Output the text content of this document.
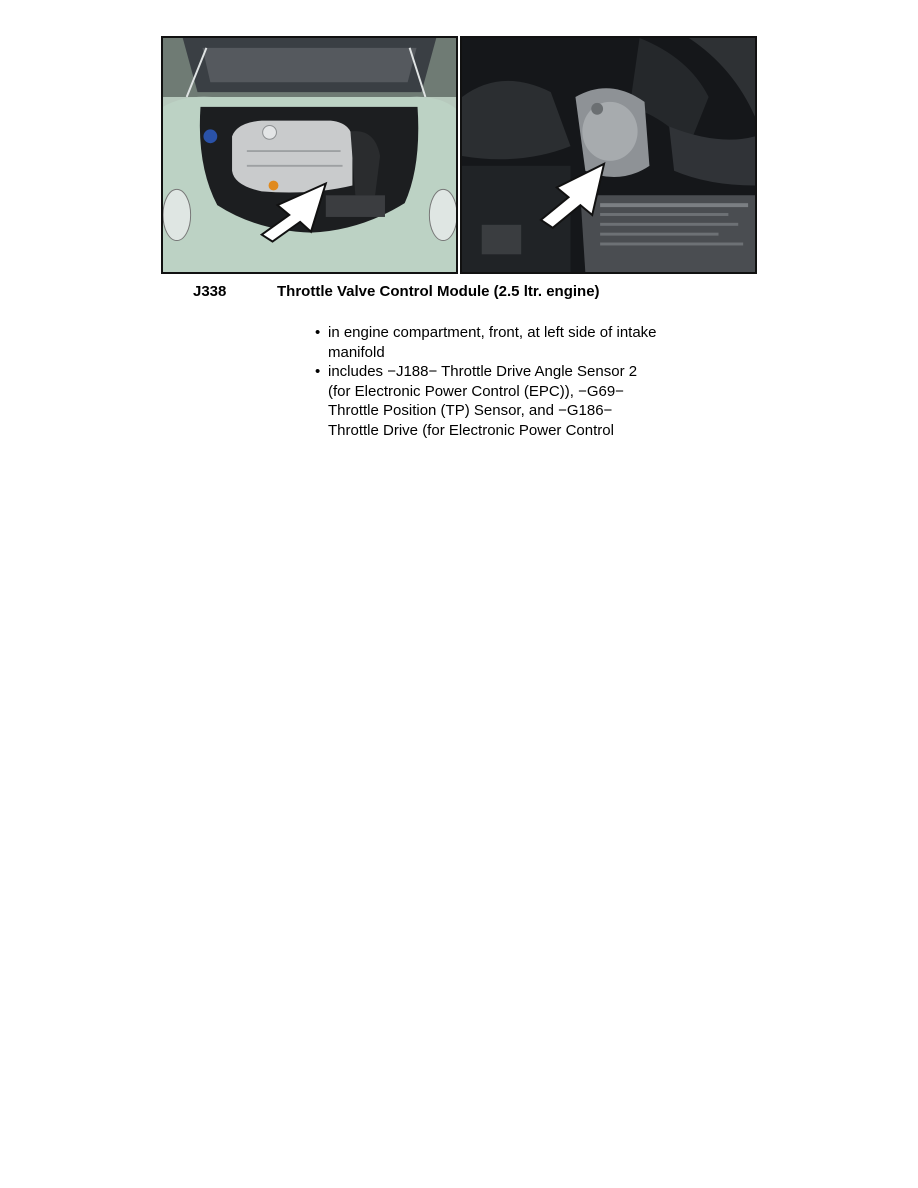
J338	Throttle Valve Control Module (2.5 ltr. engine)
• in engine compartment, front, at left side of intake
manifold
• includes −J188− Throttle Drive Angle Sensor 2
(for Electronic Power Control (EPC)), −G69−
Throttle Position (TP) Sensor, and −G186−
Throttle Drive (for Electronic Power Control
